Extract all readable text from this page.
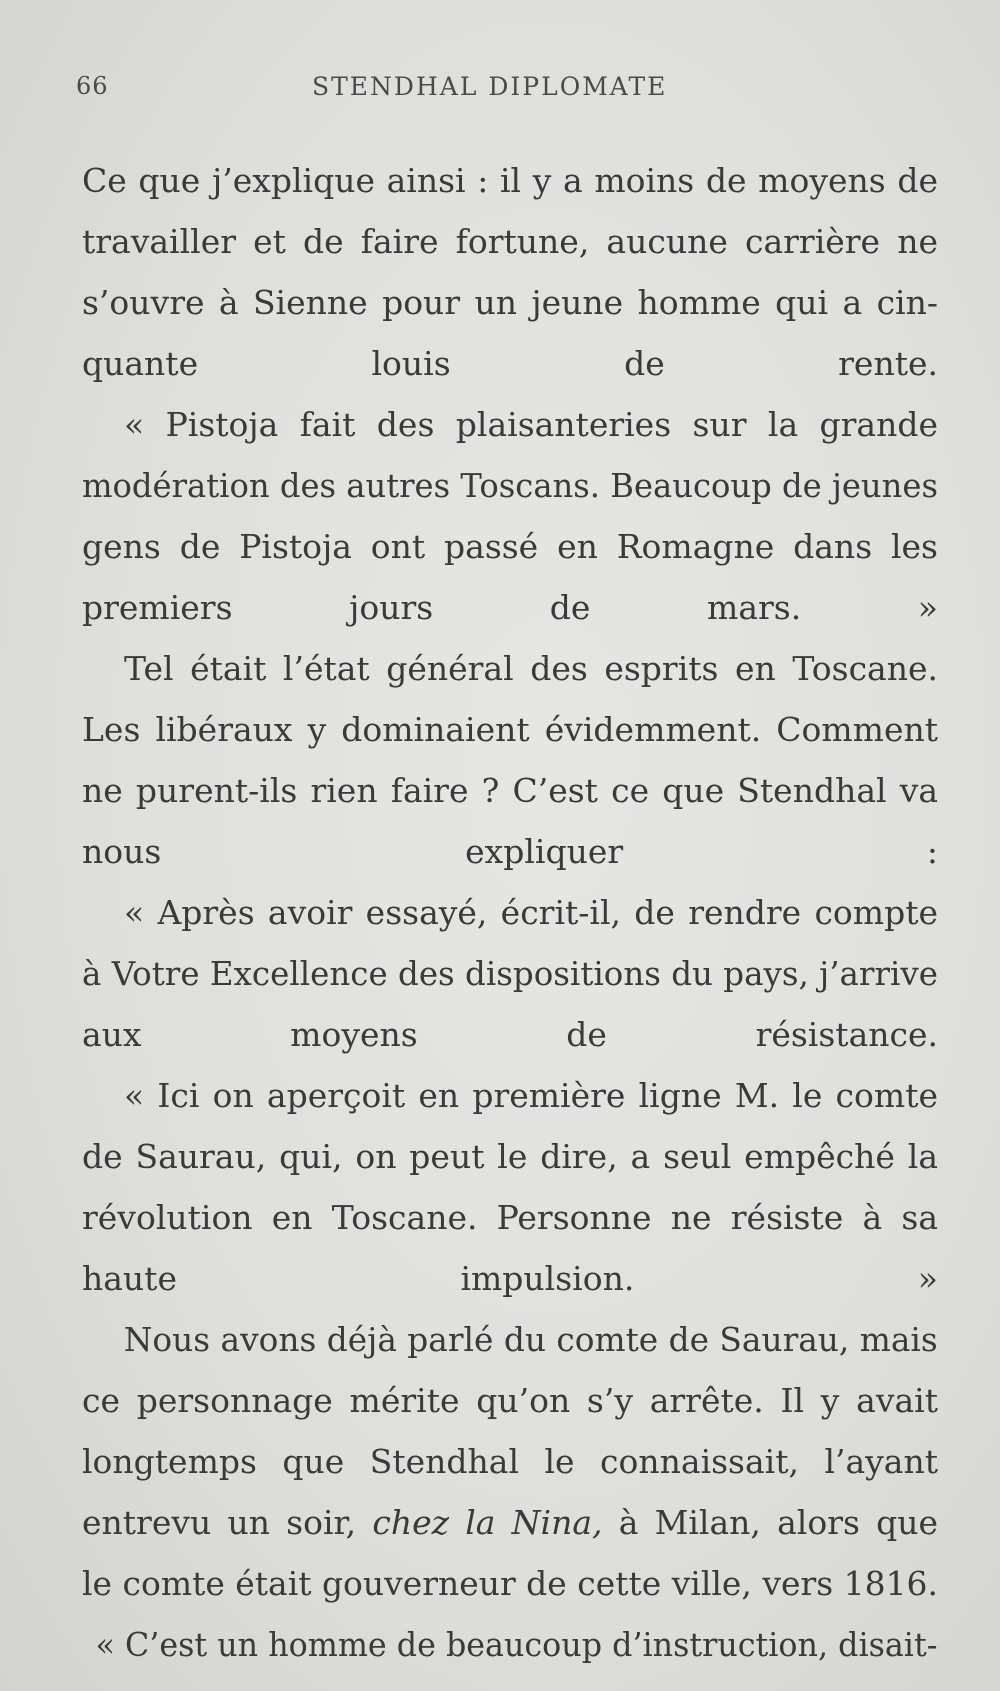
66	STENDHAL DIPLOMATE

Ce que j’explique ainsi : il y a moins de moyens de
travailler et de faire fortune, aucune carrière ne
s’ouvre à Sienne pour un jeune homme qui a cin-
quante louis de rente.

« Pistoja fait des plaisanteries sur la grande
modération des autres Toscans. Beaucoup de jeunes
gens de Pistoja ont passé en Romagne dans les
premiers jours de mars. »

Tel était l’état général des esprits en Toscane.
Les libéraux y dominaient évidemment. Comment
ne purent-ils rien faire ? C’est ce que Stendhal va
nous expliquer :

« Après avoir essayé, écrit-il, de rendre compte
à Votre Excellence des dispositions du pays, j’arrive
aux moyens de résistance.

« Ici on aperçoit en première ligne M. le comte
de Saurau, qui, on peut le dire, a seul empêché la
révolution en Toscane. Personne ne résiste à sa
haute impulsion. »

Nous avons déjà parlé du comte de Saurau, mais
ce personnage mérite qu’on s’y arrête. Il y avait
longtemps que Stendhal le connaissait, l’ayant
entrevu un soir, chez la Nina, à Milan, alors que
le comte était gouverneur de cette ville, vers 1816.
« C’est un homme de beaucoup d’instruction, disait-
